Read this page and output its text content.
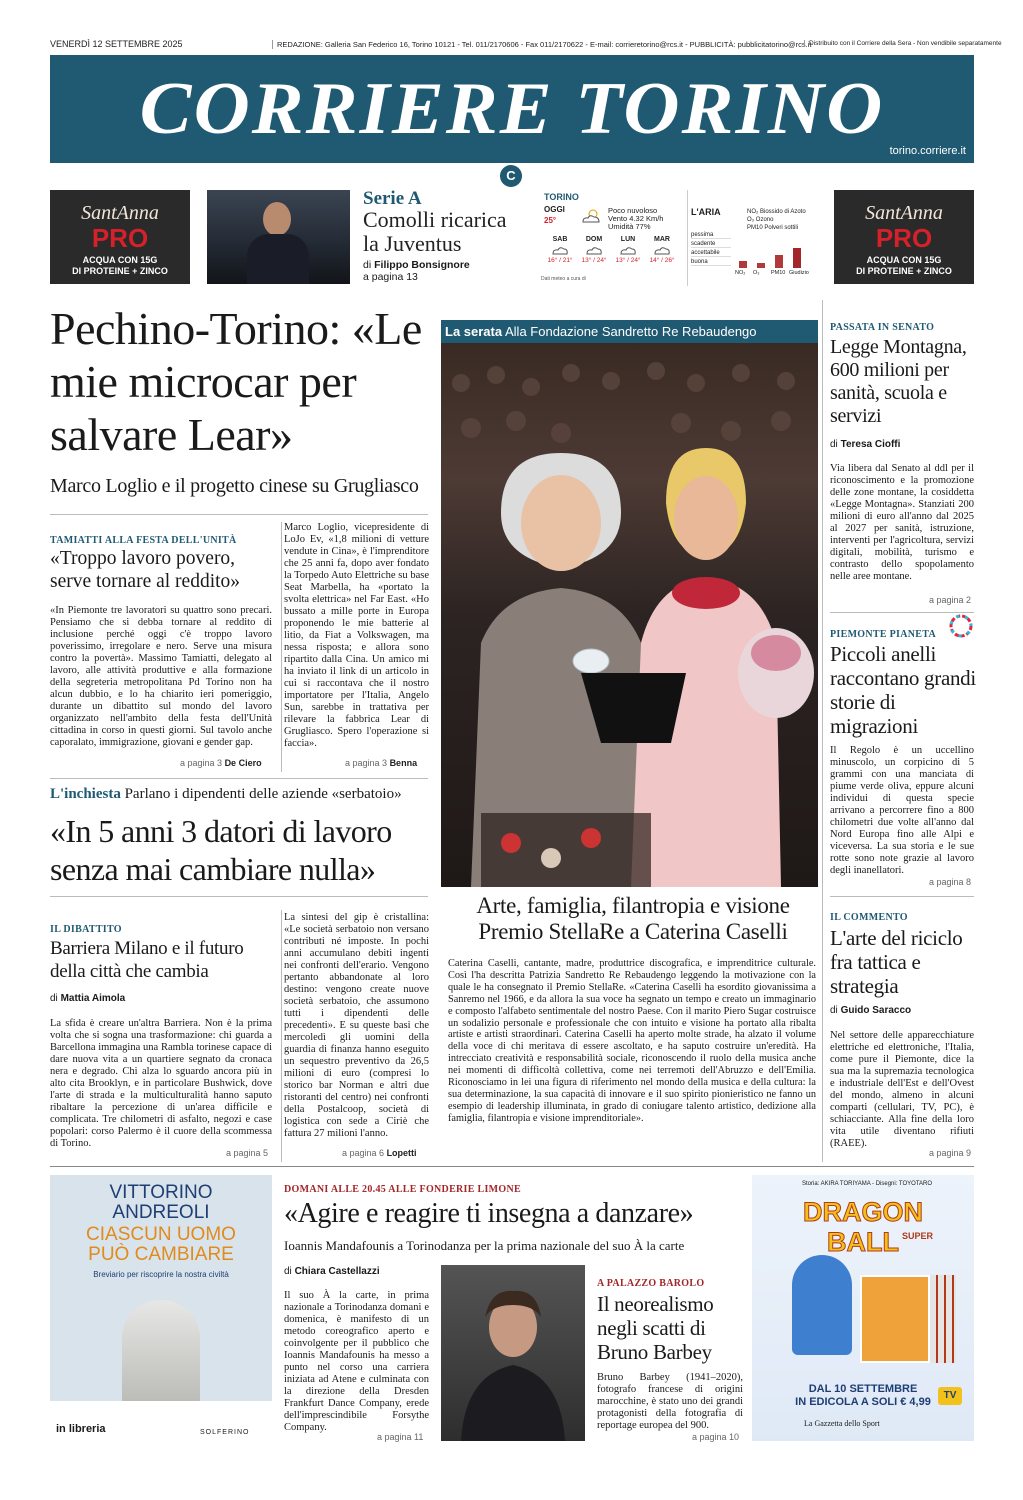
VENERDÌ 12 SETTEMBRE 2025	REDAZIONE: Galleria San Federico 16, Torino 10121 - Tel. 011/2170606 - Fax 011/2170622 - E-mail: corrieretorino@rcs.it - PUBBLICITÀ: pubblicitatorino@rcs.it
Distribuito con il Corriere della Sera - Non vendibile separatamente
CORRIERE TORINO
torino.corriere.it
C
SantAnna
PRO
ACQUA CON 15G
DI PROTEINE + ZINCO
SantAnna
PRO
ACQUA CON 15G
DI PROTEINE + ZINCO
Serie A
Comolli ricarica la Juventus
di Filippo Bonsignore
a pagina 13
TORINO
OGGI
25°
Poco nuvoloso
Vento 4.32 Km/h
Umidità 77%
SAB
16° / 21°
DOM
13° / 24°
LUN
13° / 24°
MAR
14° / 26°
Dati meteo a cura di
L'ARIA	NO₂ Biossido di Azoto
O₃ Ozono
PM10 Polveri sottili
pessima
scadente
accettabile
buona
NO₂ O₃ PM10 Giudizio
Pechino-Torino: «Le mie microcar per salvare Lear»
Marco Loglio e il progetto cinese su Grugliasco
TAMIATTI ALLA FESTA DELL'UNITÀ
«Troppo lavoro povero, serve tornare al reddito»
«In Piemonte tre lavoratori su quattro sono precari. Pensiamo che si debba tornare al reddito di inclusione perché oggi c'è troppo lavoro poverissimo, irregolare e nero. Serve una misura contro la povertà». Massimo Tamiatti, delegato al lavoro, alle attività produttive e alla formazione della segreteria metropolitana Pd Torino non ha alcun dubbio, e lo ha chiarito ieri pomeriggio, durante un dibattito sul mondo del lavoro organizzato nell'ambito della festa dell'Unità cittadina in corso in questi giorni. Sul tavolo anche caporalato, immigrazione, giovani e gender gap.
a pagina 3 De Ciero
Marco Loglio, vicepresidente di LoJo Ev, «1,8 milioni di vetture vendute in Cina», è l'imprenditore che 25 anni fa, dopo aver fondato la Torpedo Auto Elettriche su base Seat Marbella, ha «portato la svolta elettrica» nel Far East. «Ho bussato a mille porte in Europa proponendo le mie batterie al litio, da Fiat a Volkswagen, ma nessa risposta; e allora sono ripartito dalla Cina. Un amico mi ha inviato il link di un articolo in cui si raccontava che il nostro importatore per l'Italia, Angelo Sun, sarebbe in trattativa per rilevare la fabbrica Lear di Grugliasco. Spero l'operazione si faccia».
a pagina 3 Benna
L'inchiesta Parlano i dipendenti delle aziende «serbatoio»
«In 5 anni 3 datori di lavoro senza mai cambiare nulla»
IL DIBATTITO
Barriera Milano e il futuro della città che cambia
di Mattia Aimola
La sfida è creare un'altra Barriera. Non è la prima volta che si sogna una trasformazione: chi guarda a Barcellona immagina una Rambla torinese capace di dare nuova vita a un quartiere segnato da cronaca nera e degrado. Chi alza lo sguardo ancora più in alto cita Brooklyn, e in particolare Bushwick, dove l'arte di strada e la multiculturalità hanno saputo ribaltare la percezione di un'area difficile e complicata. Tre chilometri di asfalto, negozi e case popolari: corso Palermo è il cuore della scommessa di Torino.
a pagina 5
La sintesi del gip è cristallina: «Le società serbatoio non versano contributi né imposte. In pochi anni accumulano debiti ingenti nei confronti dell'erario. Vengono pertanto abbandonate al loro destino: vengono create nuove società serbatoio, che assumono tutti i dipendenti delle precedenti». E su queste basi che mercoledì gli uomini della guardia di finanza hanno eseguito un sequestro preventivo da 26,5 milioni di euro (compresi lo storico bar Norman e altri due ristoranti del centro) nei confronti della Postalcoop, società di logistica con sede a Ciriè che fattura 27 milioni l'anno.
a pagina 6 Lopetti
La serata Alla Fondazione Sandretto Re Rebaudengo
Arte, famiglia, filantropia e visione Premio StellaRe a Caterina Caselli
Caterina Caselli, cantante, madre, produttrice discografica, e imprenditrice culturale. Così l'ha descritta Patrizia Sandretto Re Rebaudengo leggendo la motivazione con la quale le ha consegnato il Premio StellaRe. «Caterina Caselli ha esordito giovanissima a Sanremo nel 1966, e da allora la sua voce ha segnato un tempo e creato un immaginario e composto l'alfabeto sentimentale del nostro Paese. Con il marito Piero Sugar costruisce un sodalizio personale e professionale che con intuito e visione ha portato alla ribalta artiste e artisti straordinari. Caterina Caselli ha aperto molte strade, ha alzato il volume della voce di chi meritava di essere ascoltato, e ha saputo costruire un'eredità. Ha intrecciato creatività e responsabilità sociale, riconoscendo il ruolo della musica anche nei momenti di difficoltà collettiva, come nei terremoti dell'Abruzzo e dell'Emilia. Riconosciamo in lei una figura di riferimento nel mondo della musica e della cultura: la sua determinazione, la sua capacità di innovare e il suo spirito pionieristico ne fanno un esempio di leadership illuminata, in grado di coniugare talento artistico, dedizione alla famiglia, filantropia e visione imprenditoriale».
PASSATA IN SENATO
Legge Montagna, 600 milioni per sanità, scuola e servizi
di Teresa Cioffi
Via libera dal Senato al ddl per il riconoscimento e la promozione delle zone montane, la cosiddetta «Legge Montagna». Stanziati 200 milioni di euro all'anno dal 2025 al 2027 per sanità, istruzione, interventi per l'agricoltura, servizi digitali, mobilità, turismo e contrasto dello spopolamento nelle aree montane.
a pagina 2
PIEMONTE PIANETA
Piccoli anelli raccontano grandi storie di migrazioni
Il Regolo è un uccellino minuscolo, un corpicino di 5 grammi con una manciata di piume verde oliva, eppure alcuni individui di questa specie arrivano a percorrere fino a 800 chilometri due volte all'anno dal Nord Europa fino alle Alpi e viceversa. La sua storia e le sue rotte sono note grazie al lavoro degli inanellatori.
a pagina 8
IL COMMENTO
L'arte del riciclo fra tattica e strategia
di Guido Saracco
Nel settore delle apparecchiature elettriche ed elettroniche, l'Italia, come pure il Piemonte, dice la sua ma la supremazia tecnologica e industriale dell'Est e dell'Ovest del mondo, almeno in alcuni comparti (cellulari, TV, PC), è schiacciante. Alla fine della loro vita utile diventano rifiuti (RAEE).
a pagina 9
VITTORINO
ANDREOLI
CIASCUN UOMO
PUÒ CAMBIARE
Breviario per riscoprire la nostra civiltà
in libreria	SOLFERINO
DOMANI ALLE 20.45 ALLE FONDERIE LIMONE
«Agire e reagire ti insegna a danzare»
Ioannis Mandafounis a Torinodanza per la prima nazionale del suo À la carte
di Chiara Castellazzi
Il suo À la carte, in prima nazionale a Torinodanza domani e domenica, è manifesto di un metodo coreografico aperto e coinvolgente per il pubblico che Ioannis Mandafounis ha messo a punto nel corso una carriera iniziata ad Atene e culminata con la direzione della Dresden Frankfurt Dance Company, erede dell'imprescindibile Forsythe Company.
a pagina 11
A PALAZZO BAROLO
Il neorealismo negli scatti di Bruno Barbey
Bruno Barbey (1941–2020), fotografo francese di origini marocchine, è stato uno dei grandi protagonisti della fotografia di reportage europea del 900.
a pagina 10
Storia: AKIRA TORIYAMA - Disegni: TOYOTARO
DRAGON BALL SUPER
DAL 10 SETTEMBRE
IN EDICOLA A SOLI € 4,99
TV
La Gazzetta dello Sport
